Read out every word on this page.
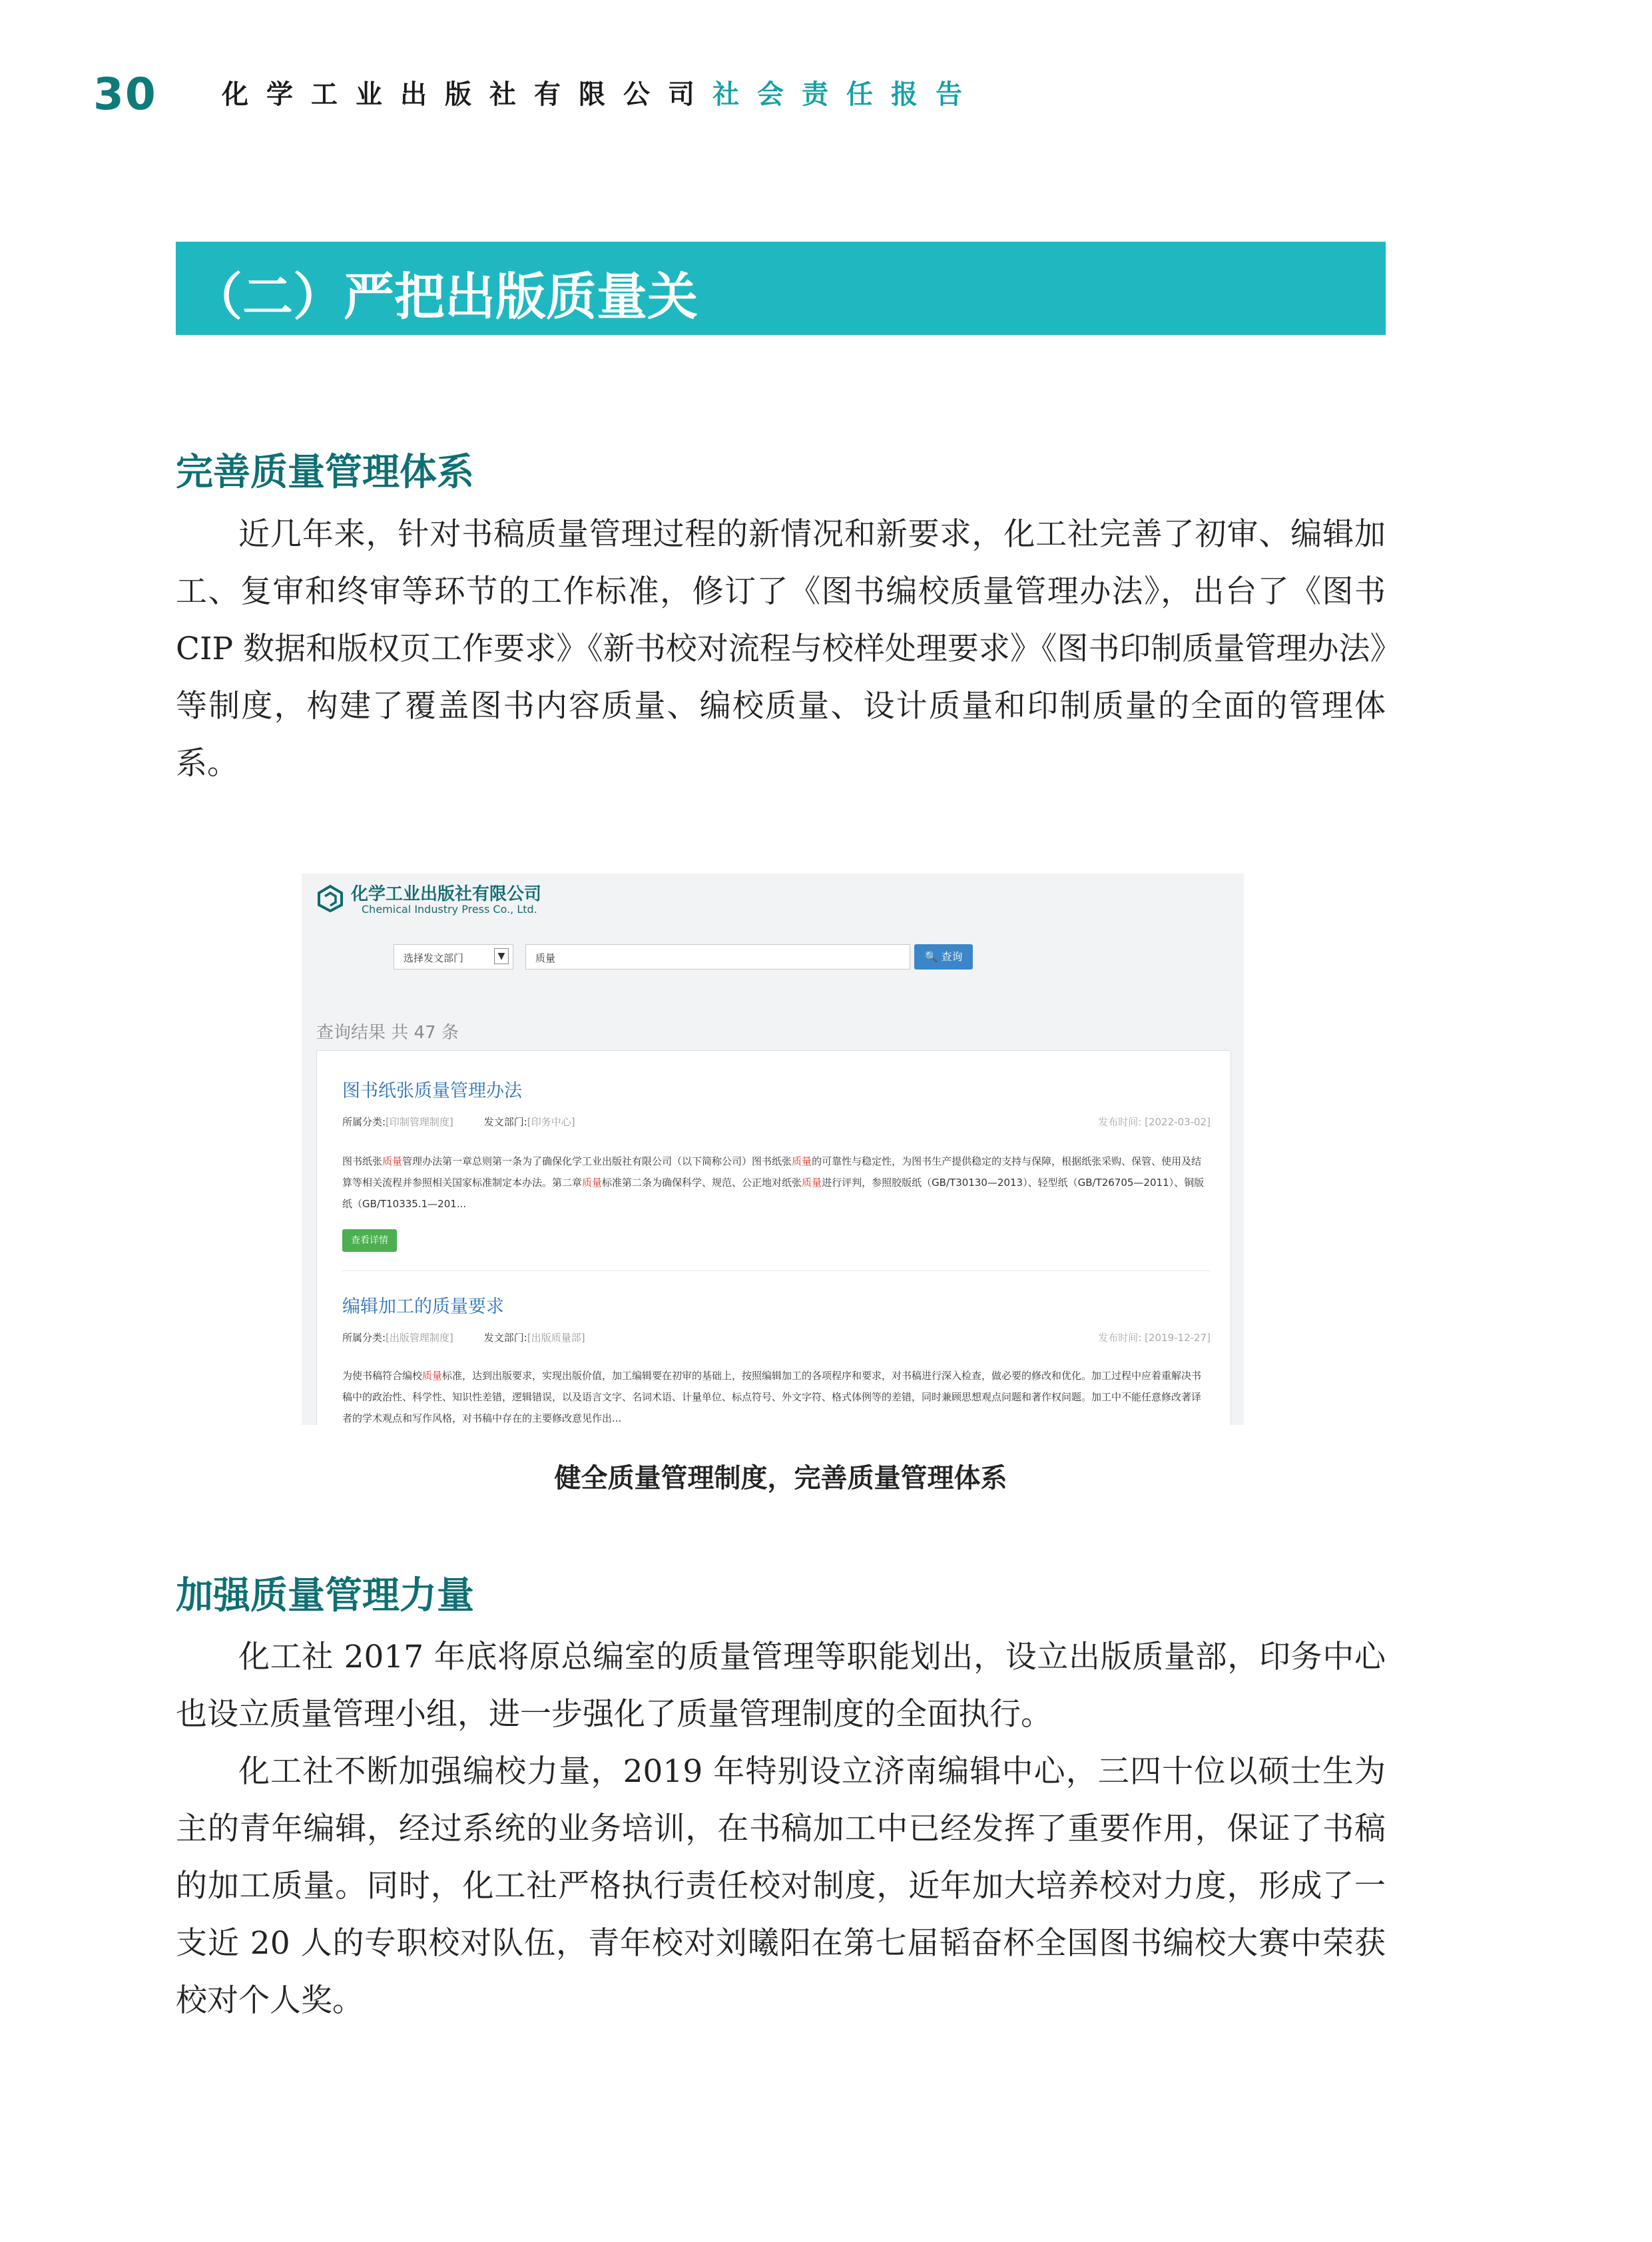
30 化学工业出版社有限公司社会责任报告
（二）严把出版质量关
完善质量管理体系

近几年来，针对书稿质量管理过程的新情况和新要求，化工社完善了初审、编辑加工、复审和终审等环节的工作标准，修订了《图书编校质量管理办法》，出台了《图书 CIP 数据和版权页工作要求》《新书校对流程与校样处理要求》《图书印制质量管理办法》等制度，构建了覆盖图书内容质量、编校质量、设计质量和印制质量的全面的管理体系。

化学工业出版社有限公司
Chemical Industry Press Co., Ltd.
选择发文部门	▼	质量	🔍 查询
查询结果 共 47 条
图书纸张质量管理办法
所属分类:[印制管理制度]	发文部门:[印务中心]	发布时间: [2022-03-02]
图书纸张质量管理办法第一章总则第一条为了确保化学工业出版社有限公司（以下简称公司）图书纸张质量的可靠性与稳定性，为图书生产提供稳定的支持与保障，根据纸张采购、保管、使用及结算等相关流程并参照相关国家标准制定本办法。第二章质量标准第二条为确保科学、规范、公正地对纸张质量进行评判，参照胶版纸（GB/T30130—2013）、轻型纸（GB/T26705—2011）、铜版纸（GB/T10335.1—201...
查看详情
编辑加工的质量要求
所属分类:[出版管理制度]	发文部门:[出版质量部]	发布时间: [2019-12-27]
为使书稿符合编校质量标准，达到出版要求，实现出版价值，加工编辑要在初审的基础上，按照编辑加工的各项程序和要求，对书稿进行深入检查，做必要的修改和优化。加工过程中应着重解决书稿中的政治性、科学性、知识性差错，逻辑错误，以及语言文字、名词术语、计量单位、标点符号、外文字符、格式体例等的差错，同时兼顾思想观点问题和著作权问题。加工中不能任意修改著译者的学术观点和写作风格，对书稿中存在的主要修改意见作出...
健全质量管理制度，完善质量管理体系
加强质量管理力量

化工社 2017 年底将原总编室的质量管理等职能划出，设立出版质量部，印务中心也设立质量管理小组，进一步强化了质量管理制度的全面执行。

化工社不断加强编校力量，2019 年特别设立济南编辑中心，三四十位以硕士生为主的青年编辑，经过系统的业务培训，在书稿加工中已经发挥了重要作用，保证了书稿的加工质量。同时，化工社严格执行责任校对制度，近年加大培养校对力度，形成了一支近 20 人的专职校对队伍，青年校对刘曦阳在第七届韬奋杯全国图书编校大赛中荣获校对个人奖。
